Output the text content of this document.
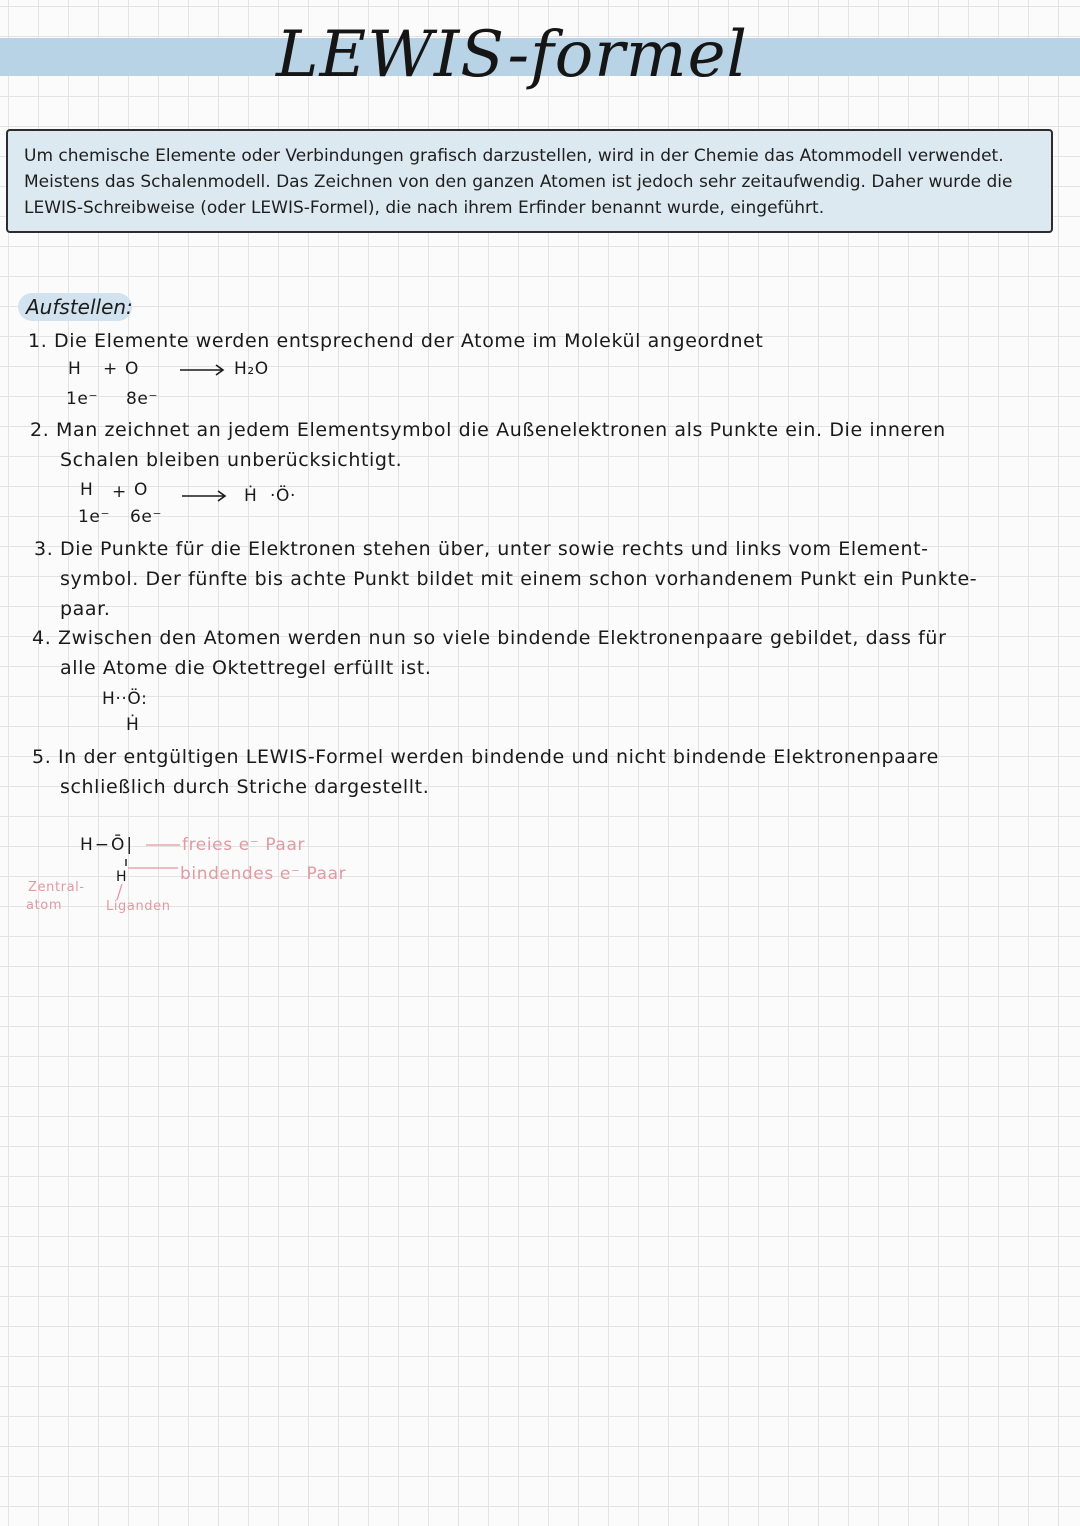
LEWIS-formel

Um chemische Elemente oder Verbindungen grafisch darzustellen, wird in der Chemie das Atommodell verwendet.

Meistens das Schalenmodell. Das Zeichnen von den ganzen Atomen ist jedoch sehr zeitaufwendig. Daher wurde die

LEWIS-Schreibweise (oder LEWIS-Formel), die nach ihrem Erfinder benannt wurde, eingeführt.

Aufstellen:
1. Die Elemente werden entsprechend der Atome im Molekül angeordnet
H + O → H₂O
1e⁻ 8e⁻
2. Man zeichnet an jedem Elementsymbol die Außenelektronen als Punkte ein. Die inneren
Schalen bleiben unberücksichtigt.
H + O → Ḣ ·Ö·
1e⁻ 6e⁻
3. Die Punkte für die Elektronen stehen über, unter sowie rechts und links vom Element-
symbol. Der fünfte bis achte Punkt bildet mit einem schon vorhandenem Punkt ein Punkte-
paar.
4. Zwischen den Atomen werden nun so viele bindende Elektronenpaare gebildet, dass für
alle Atome die Oktettregel erfüllt ist.
H··Ö:
Ḣ
5. In der entgültigen LEWIS-Formel werden bindende und nicht bindende Elektronenpaare
schließlich durch Striche dargestellt.
H−Ō|
H
freies e⁻ Paar
bindendes e⁻ Paar
Zentral-
atom	Liganden
